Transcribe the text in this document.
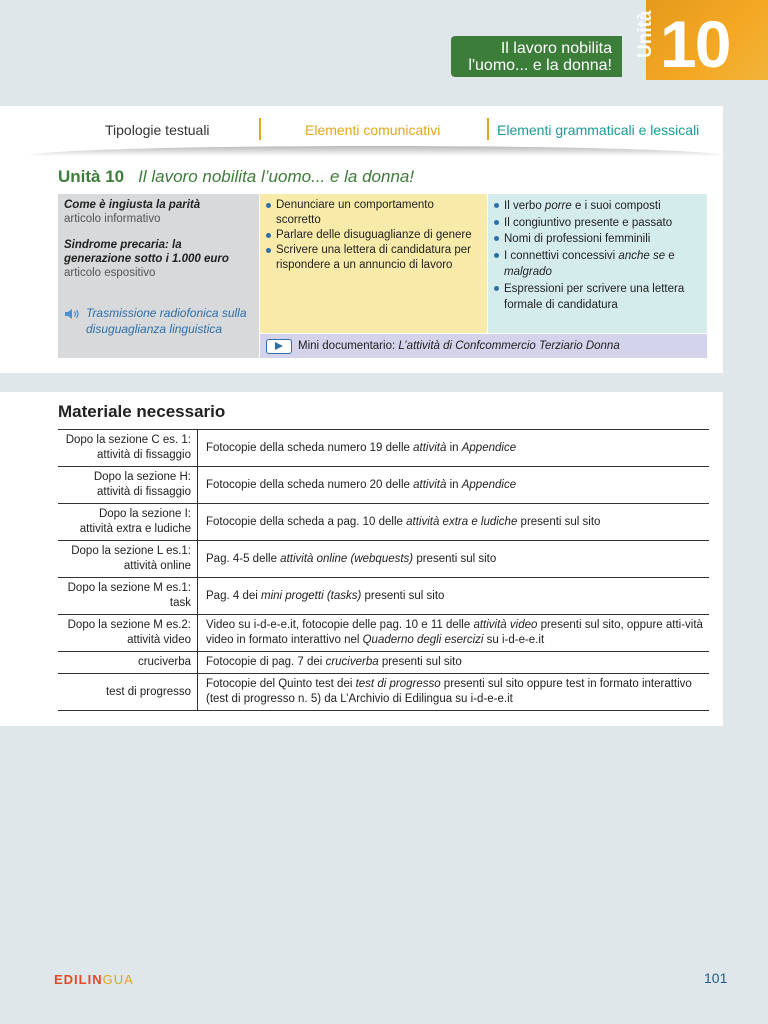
Unità 10
Il lavoro nobilita
l'uomo... e la donna!
Tipologie testuali	Elementi comunicativi	Elementi grammaticali e lessicali
Unità 10 Il lavoro nobilita l’uomo... e la donna!
Come è ingiusta la parità
articolo informativo
Sindrome precaria: la generazione sotto i 1.000 euro
articolo espositivo
Trasmissione radiofonica sulla disuguaglianza linguistica
Denunciare un comportamento scorretto
Parlare delle disuguaglianze di genere
Scrivere una lettera di candidatura per rispondere a un annuncio di lavoro
Il verbo porre e i suoi composti
Il congiuntivo presente e passato
Nomi di professioni femminili
I connettivi concessivi anche se e malgrado
Espressioni per scrivere una lettera formale di candidatura
Mini documentario: L’attività di Confcommercio Terziario Donna
Materiale necessario
Dopo la sezione C es. 1: attività di fissaggio	Fotocopie della scheda numero 19 delle attività in Appendice
Dopo la sezione H: attività di fissaggio	Fotocopie della scheda numero 20 delle attività in Appendice
Dopo la sezione I: attività extra e ludiche	Fotocopie della scheda a pag. 10 delle attività extra e ludiche presenti sul sito
Dopo la sezione L es.1: attività online	Pag. 4-5 delle attività online (webquests) presenti sul sito
Dopo la sezione M es.1: task	Pag. 4 dei mini progetti (tasks) presenti sul sito
Dopo la sezione M es.2: attività video	Video su i-d-e-e.it, fotocopie delle pag. 10 e 11 delle attività video presenti sul sito, oppure atti-vità video in formato interattivo nel Quaderno degli esercizi su i-d-e-e.it
cruciverba	Fotocopie di pag. 7 dei cruciverba presenti sul sito
test di progresso	Fotocopie del Quinto test dei test di progresso presenti sul sito oppure test in formato interattivo (test di progresso n. 5) da L’Archivio di Edilingua su i-d-e-e.it
EDILINGUA	101
